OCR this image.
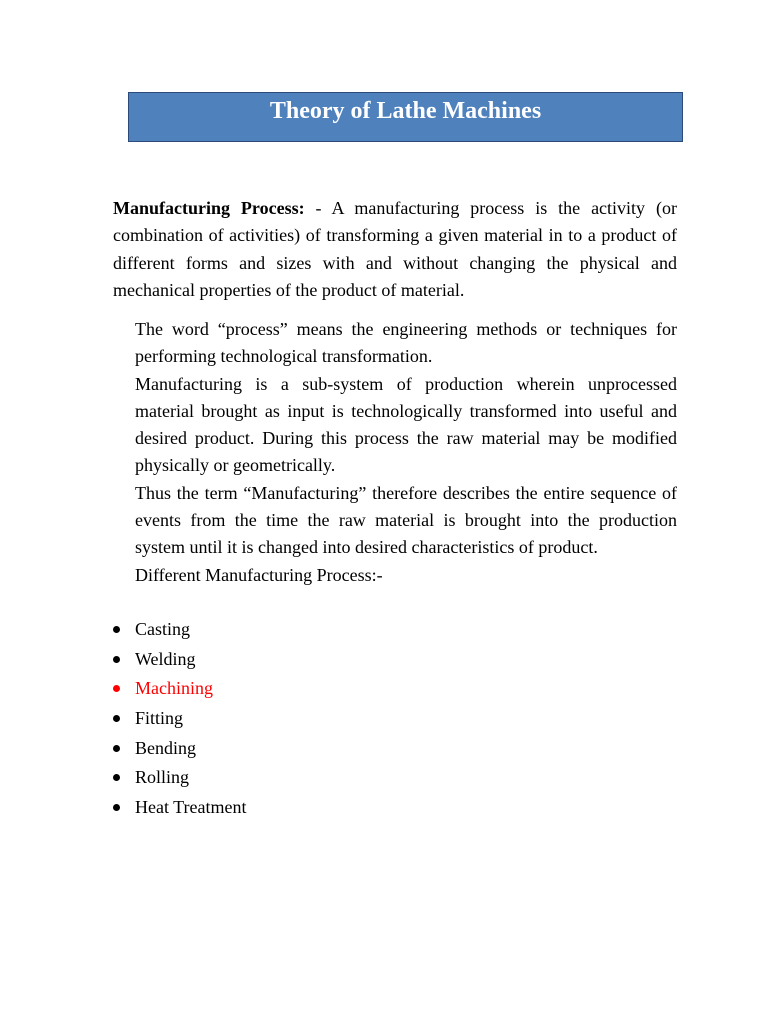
Theory of Lathe Machines

Manufacturing Process: - A manufacturing process is the activity (or combination of activities) of transforming a given material in to a product of different forms and sizes with and without changing the physical and mechanical properties of the product of material.

The word “process” means the engineering methods or techniques for performing technological transformation.

Manufacturing is a sub-system of production wherein unprocessed material brought as input is technologically transformed into useful and desired product. During this process the raw material may be modified physically or geometrically.

Thus the term “Manufacturing” therefore describes the entire sequence of events from the time the raw material is brought into the production system until it is changed into desired characteristics of product.

Different Manufacturing Process:-

Casting
Welding
Machining
Fitting
Bending
Rolling
Heat Treatment
